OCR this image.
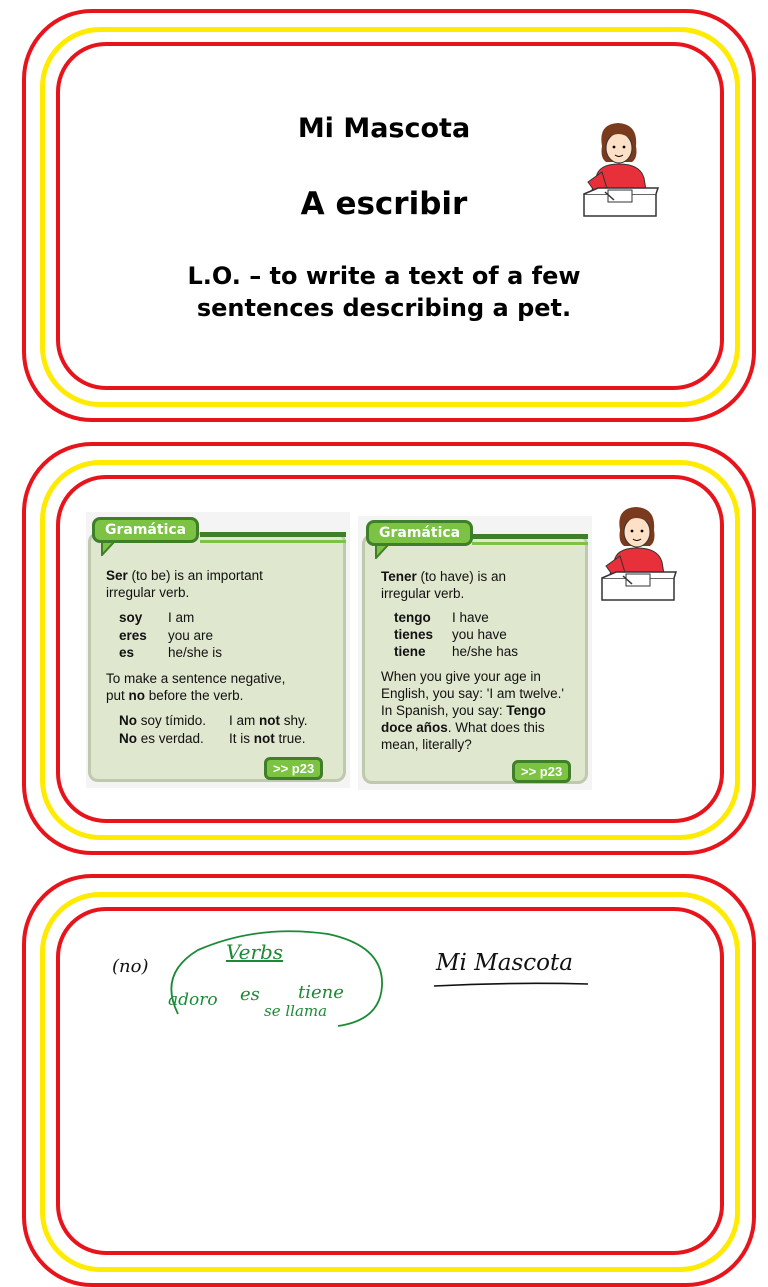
Mi Mascota
A escribir
L.O. – to write a text of a few
sentences describing a pet.
Gramática
Ser (to be) is an important
irregular verb.
soy I am
eres you are
es	he/she is
To make a sentence negative,
put no before the verb.
No soy tímido. I am not shy.
No es verdad. It is not true.
>> p23
Gramática
Tener (to have) is an
irregular verb.
tengo I have
tienes you have
tiene he/she has
When you give your age in
English, you say: 'I am twelve.'
In Spanish, you say: Tengo
doce años. What does this
mean, literally?
>> p23
(no)
Verbs
adoro es tiene
se llama
Mi Mascota
